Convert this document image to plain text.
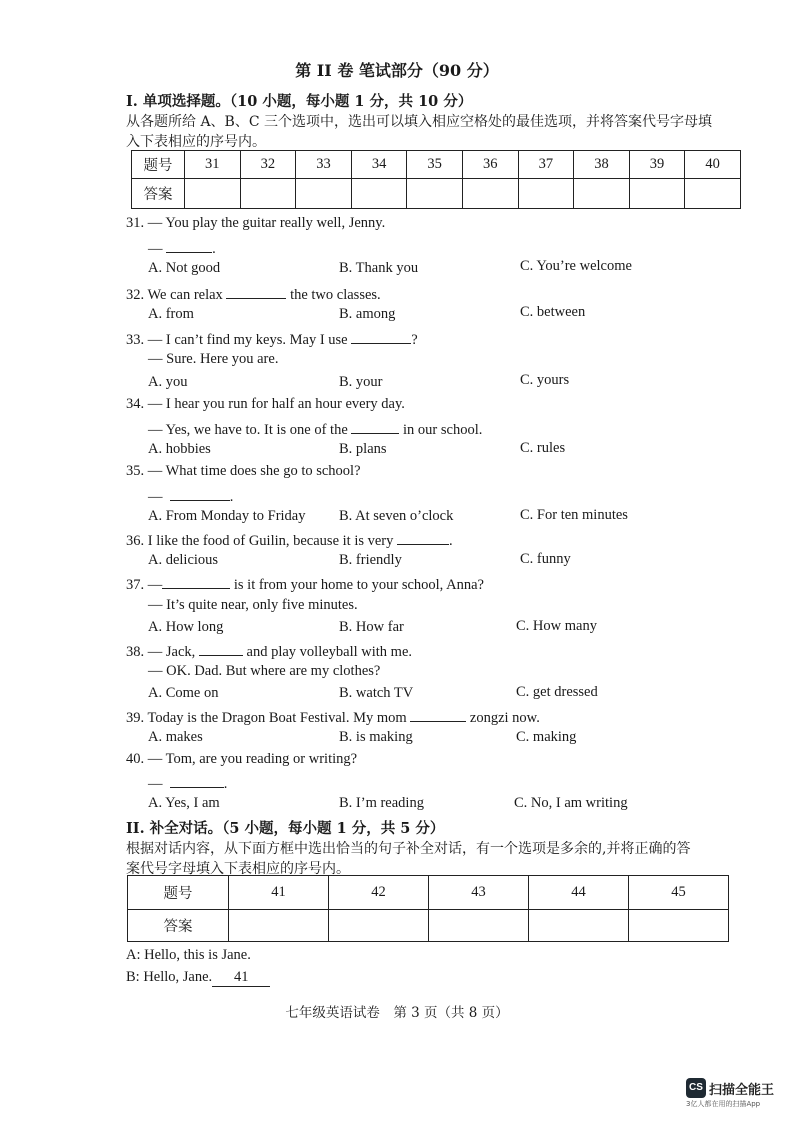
第 II 卷 笔试部分（90 分）
I. 单项选择题。（10 小题，每小题 1 分，共 10 分）
从各题所给 A、B、C 三个选项中，选出可以填入相应空格处的最佳选项，并将答案代号字母填
入下表相应的序号内。
题号	31	32	33	34	35	36	37	38	39	40
答案										
31. — You play the guitar really well, Jenny.
—	.
A. Not good	B. Thank you	C. You’re welcome
32. We can relax	the two classes.
A. from	B. among	C. between
33. — I can’t find my keys. May I use	?
— Sure. Here you are.
A. you	B. your	C. yours
34. — I hear you run for half an hour every day.
— Yes, we have to. It is one of the	in our school.
A. hobbies	B. plans	C. rules
35. — What time does she go to school?
—	.
A. From Monday to Friday B. At seven o’clock	C. For ten minutes
36. I like the food of Guilin, because it is very	.
A. delicious	B. friendly	C. funny
37. —	is it from your home to your school, Anna?
— It’s quite near, only five minutes.
A. How long	B. How far	C. How many
38. — Jack,	and play volleyball with me.
— OK. Dad. But where are my clothes?
A. Come on	B. watch TV	C. get dressed
39. Today is the Dragon Boat Festival. My mom	zongzi now.
A. makes	B. is making	C. making
40. — Tom, are you reading or writing?
—	.
A. Yes, I am	B. I’m reading	C. No, I am writing
II. 补全对话。（5 小题，每小题 1 分，共 5 分）
根据对话内容，从下面方框中选出恰当的句子补全对话，有一个选项是多余的,并将正确的答
案代号字母填入下表相应的序号内。
题号	41	42	43	44	45
答案					
A: Hello, this is Jane.
B: Hello, Jane. 41
七年级英语试卷　第 3 页（共 8 页）
CS 扫描全能王
3亿人都在用的扫描App
